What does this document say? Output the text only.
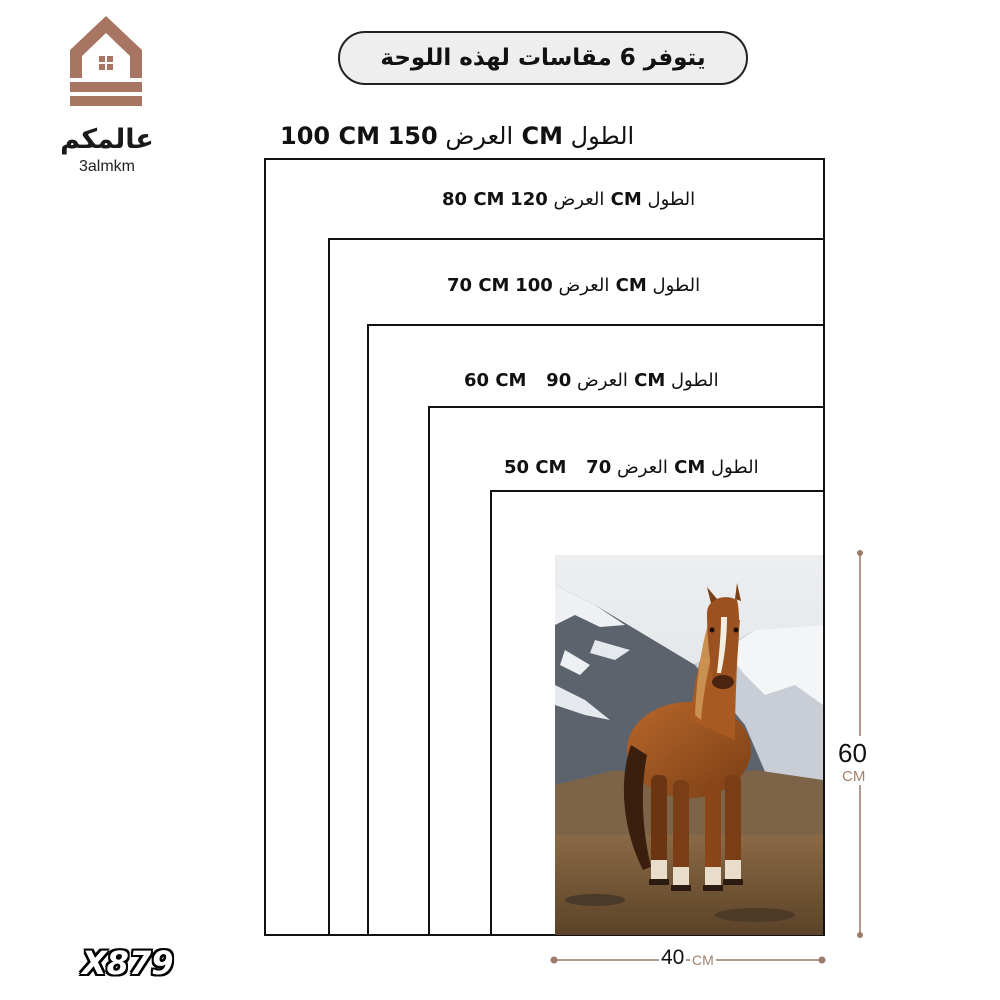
عالمكم
3almkm
يتوفر 6 مقاسات لهذه اللوحة
100 CM	العرض 150 CM الطول
80 CM	العرض 120 CM الطول
70 CM	العرض 100 CM الطول
60 CM	العرض 90 CM الطول
50 CM	العرض 70 CM الطول
60
CM
40 CM
X879
